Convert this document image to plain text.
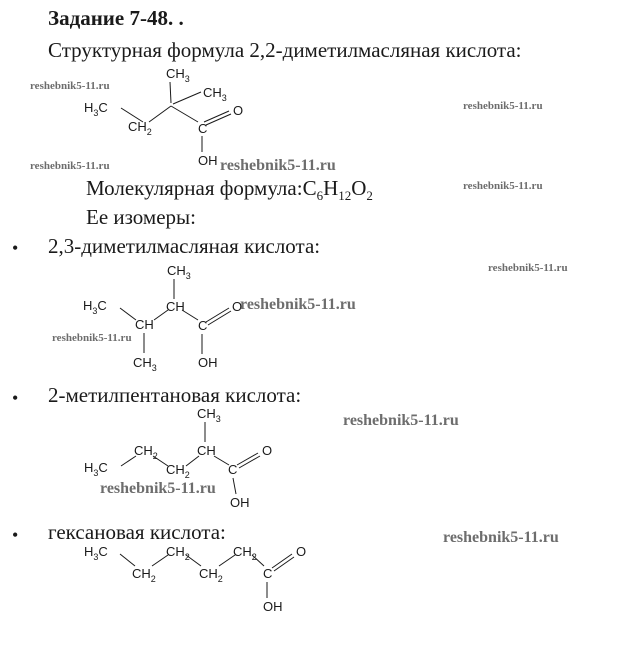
Задание 7-48. .
Структурная формула 2,2-диметилмасляная кислота:
Молекулярная $формула:C_6H_{12}O_2$
Ее изомеры:
• 2,3-диметилмасляная кислота:
• 2-метилпентановая кислота:
• гексановая кислота:
$CH_3$
$CH_3$
$H_3C$	O
$CH_2$	C
OH
$CH_3$
$H_3C$	CH	O
CH	C
$CH_3$	OH
$CH_3$
$CH_2$	CH	O
$H_3C$	$CH_2$	C
OH
$H_3C$	$CH_2$	$CH_2$	O
$CH_2$	$CH_2$	C
OH
reshebnik5-11.ru
reshebnik5-11.ru
reshebnik5-11.ru	reshebnik5-11.ru
reshebnik5-11.ru
reshebnik5-11.ru
reshebnik5-11.ru
reshebnik5-11.ru
reshebnik5-11.ru
reshebnik5-11.ru
reshebnik5-11.ru
